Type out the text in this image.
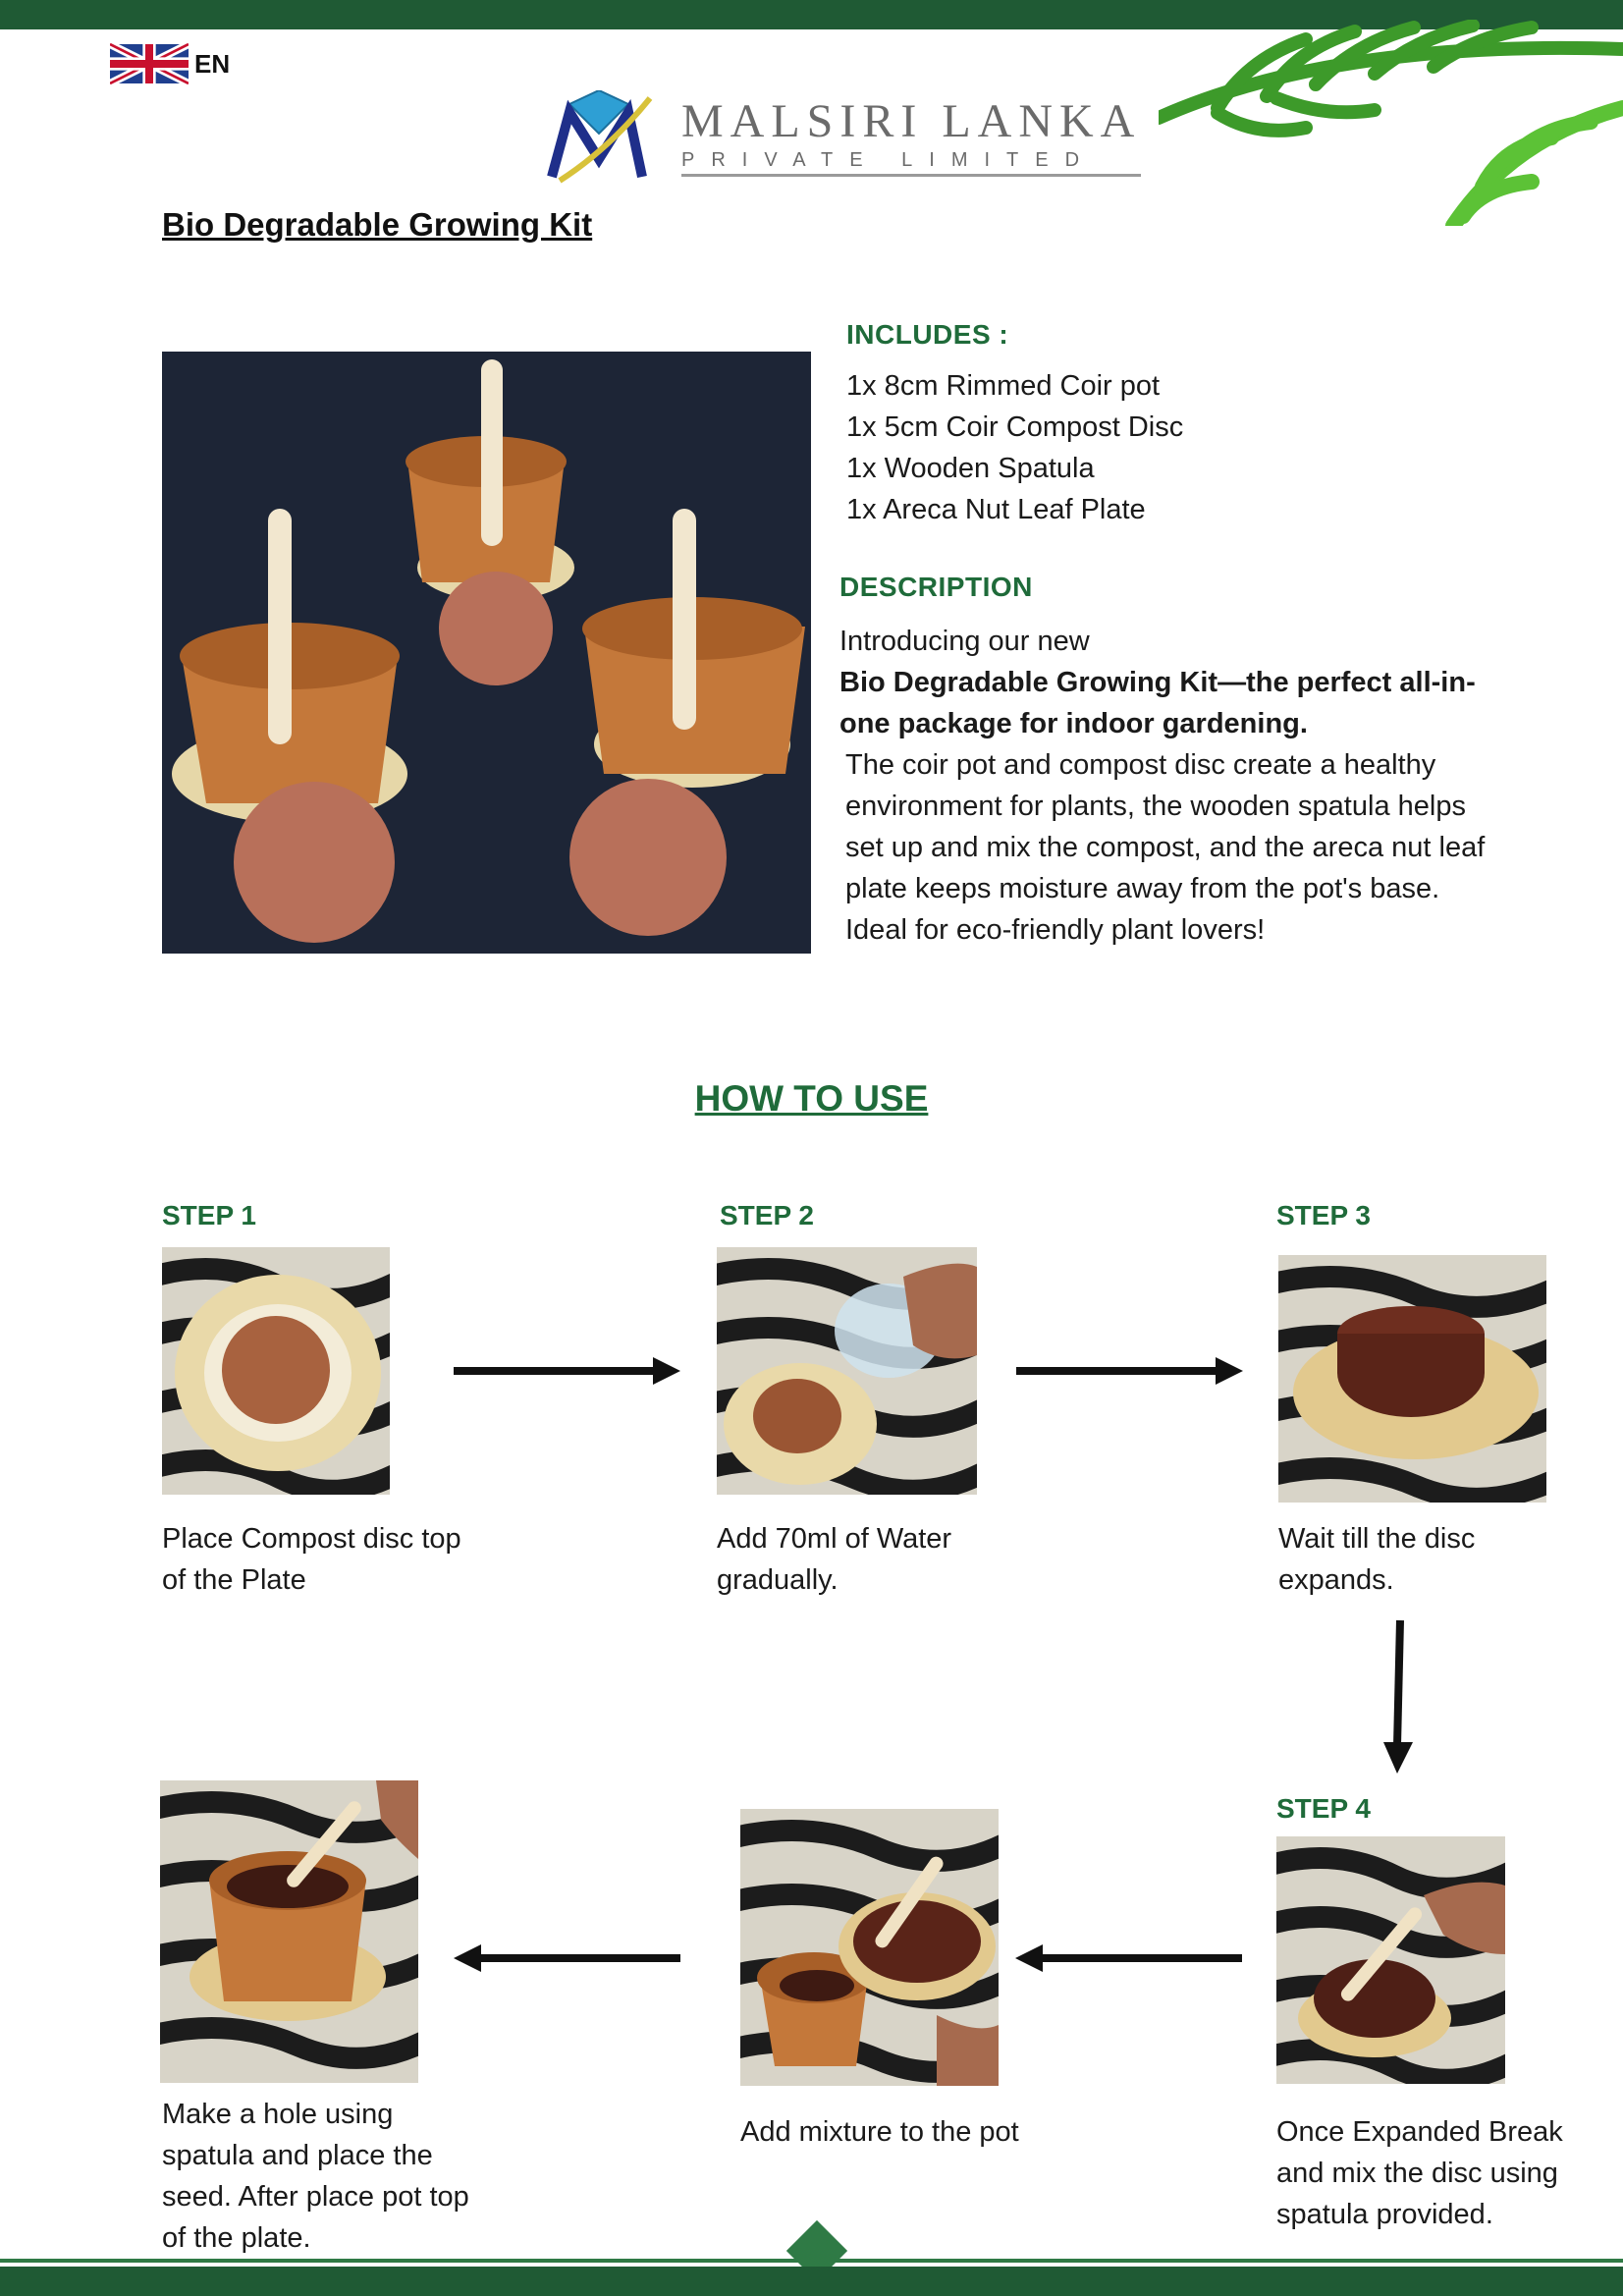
EN
MALSIRI LANKA
PRIVATE LIMITED
Bio Degradable Growing Kit
INCLUDES :
1x 8cm Rimmed Coir pot
1x 5cm Coir Compost Disc
1x Wooden Spatula
1x Areca Nut Leaf Plate
DESCRIPTION
Introducing our new
Bio Degradable Growing Kit—the perfect all-in-one package for indoor gardening.
The coir pot and compost disc create a healthy environment for plants, the wooden spatula helps set up and mix the compost, and the areca nut leaf plate keeps moisture away from the pot's base. Ideal for eco-friendly plant lovers!
HOW TO USE
STEP 1
Place Compost disc top of the Plate
STEP 2
Add 70ml of Water gradually.
STEP 3
Wait till the disc expands.
STEP 4
Once Expanded Break and mix the disc using spatula provided.
Add mixture to the pot
Make a hole using spatula and place the seed. After place pot top of the plate.
